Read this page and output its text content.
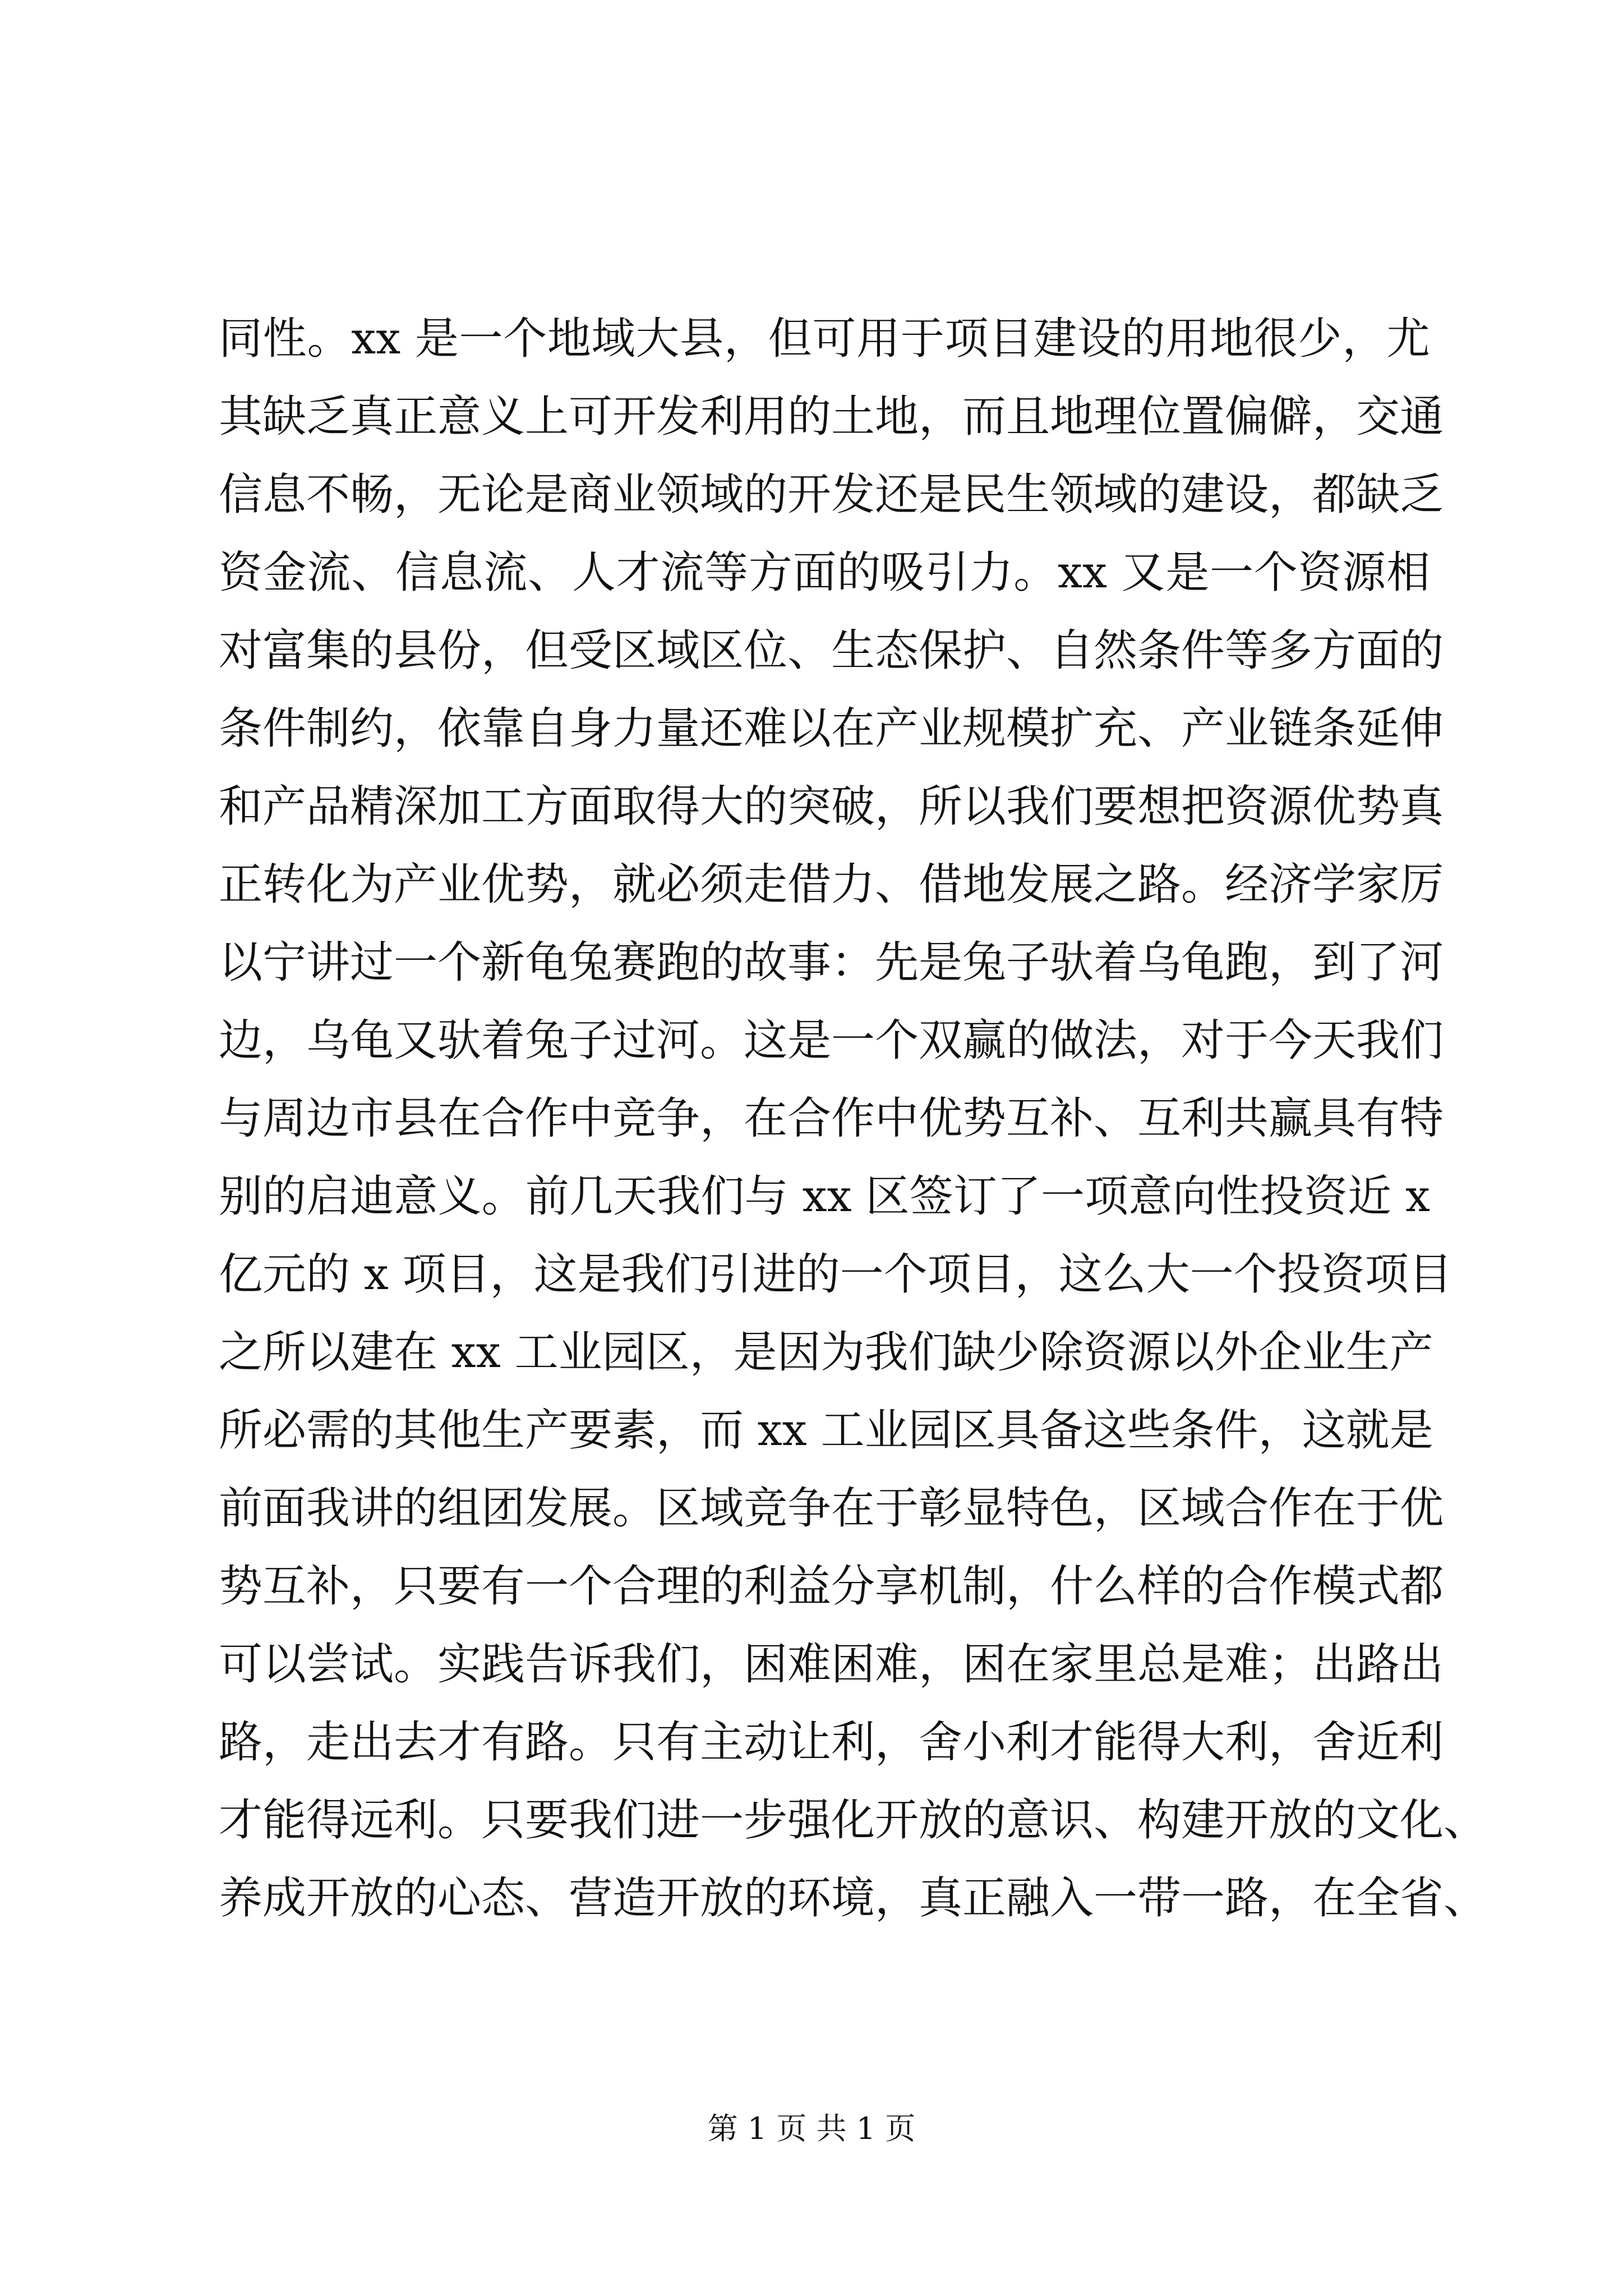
同性。xx 是一个地域大县，但可用于项目建设的用地很少，尤
其缺乏真正意义上可开发利用的土地，而且地理位置偏僻，交通
信息不畅，无论是商业领域的开发还是民生领域的建设，都缺乏
资金流、信息流、人才流等方面的吸引力。xx 又是一个资源相
对富集的县份，但受区域区位、生态保护、自然条件等多方面的
条件制约，依靠自身力量还难以在产业规模扩充、产业链条延伸
和产品精深加工方面取得大的突破，所以我们要想把资源优势真
正转化为产业优势，就必须走借力、借地发展之路。经济学家厉
以宁讲过一个新龟兔赛跑的故事：先是兔子驮着乌龟跑，到了河
边，乌龟又驮着兔子过河。这是一个双赢的做法，对于今天我们
与周边市县在合作中竞争，在合作中优势互补、互利共赢具有特
别的启迪意义。前几天我们与 xx 区签订了一项意向性投资近 x
亿元的 x 项目，这是我们引进的一个项目，这么大一个投资项目
之所以建在 xx 工业园区，是因为我们缺少除资源以外企业生产
所必需的其他生产要素，而 xx 工业园区具备这些条件，这就是
前面我讲的组团发展。区域竞争在于彰显特色，区域合作在于优
势互补，只要有一个合理的利益分享机制，什么样的合作模式都
可以尝试。实践告诉我们，困难困难，困在家里总是难；出路出
路，走出去才有路。只有主动让利，舍小利才能得大利，舍近利
才能得远利。只要我们进一步强化开放的意识、构建开放的文化、
养成开放的心态、营造开放的环境，真正融入一带一路，在全省、
第 1 页 共 1 页
